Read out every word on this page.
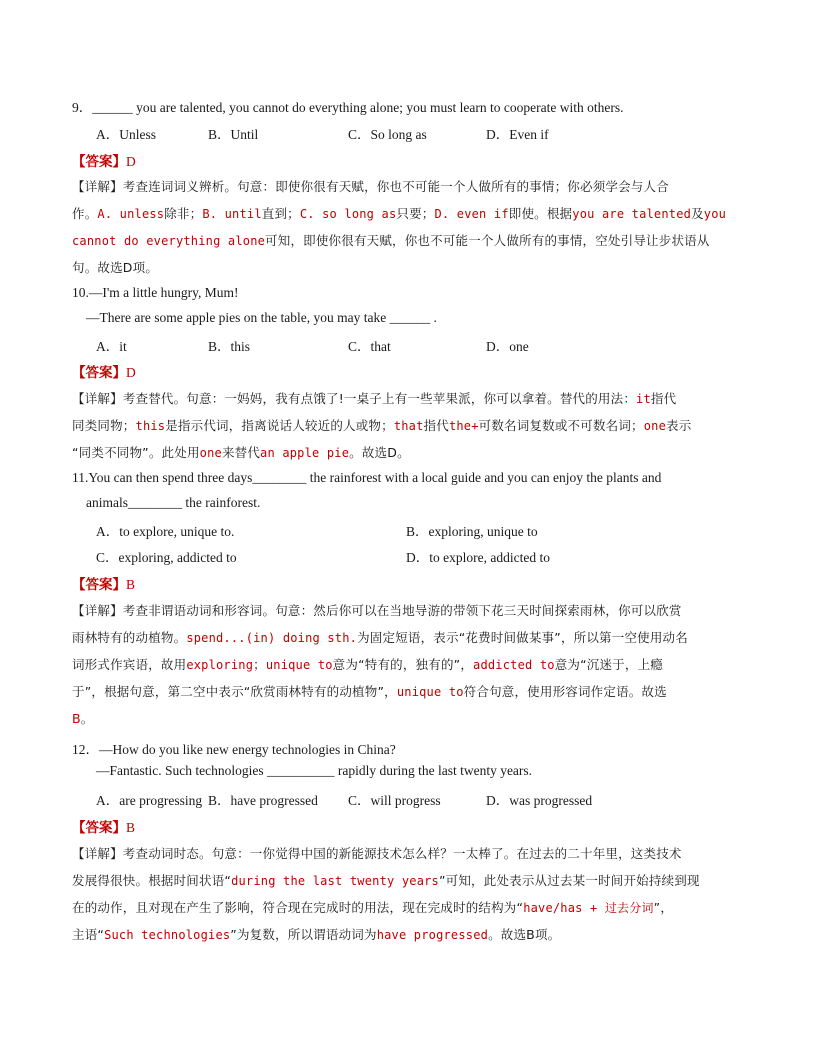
9．______ you are talented, you cannot do everything alone; you must learn to cooperate with others.
A．Unless	B．Until	C．So long as	D．Even if
【答案】D
【详解】考查连词词义辨析。句意：即使你很有天赋，你也不可能一个人做所有的事情；你必须学会与人合
作。A. unless除非；B. until直到；C. so long as只要；D. even if即使。根据you are talented及you
cannot do everything alone可知，即使你很有天赋，你也不可能一个人做所有的事情，空处引导让步状语从
句。故选D项。
10.—I'm a little hungry, Mum!
—There are some apple pies on the table, you may take ______ .
A．it	B．this	C．that	D．one
【答案】D
【详解】考查替代。句意：一妈妈，我有点饿了!一桌子上有一些苹果派，你可以拿着。替代的用法：it指代
同类同物；this是指示代词，指离说话人较近的人或物；that指代the+可数名词复数或不可数名词；one表示
“同类不同物”。此处用one来替代an apple pie。故选D。
11.You can then spend three days________ the rainforest with a local guide and you can enjoy the plants and
animals________ the rainforest.
A．to explore, unique to.	B．exploring, unique to
C．exploring, addicted to	D．to explore, addicted to
【答案】B
【详解】考查非谓语动词和形容词。句意：然后你可以在当地导游的带领下花三天时间探索雨林，你可以欣赏
雨林特有的动植物。spend...(in) doing sth.为固定短语，表示“花费时间做某事”，所以第一空使用动名
词形式作宾语，故用exploring；unique to意为“特有的，独有的”，addicted to意为“沉迷于，上瘾
于”，根据句意，第二空中表示“欣赏雨林特有的动植物”，unique to符合句意，使用形容词作定语。故选
B。
12．—How do you like new energy technologies in China?
—Fantastic. Such technologies __________ rapidly during the last twenty years.
A．are progressing B．have progressed C．will progress	D．was progressed
【答案】B
【详解】考查动词时态。句意：一你觉得中国的新能源技术怎么样？一太棒了。在过去的二十年里，这类技术
发展得很快。根据时间状语“during the last twenty years”可知，此处表示从过去某一时间开始持续到现
在的动作，且对现在产生了影响，符合现在完成时的用法，现在完成时的结构为“have/has + 过去分词”，
主语“Such technologies”为复数，所以谓语动词为have progressed。故选B项。
